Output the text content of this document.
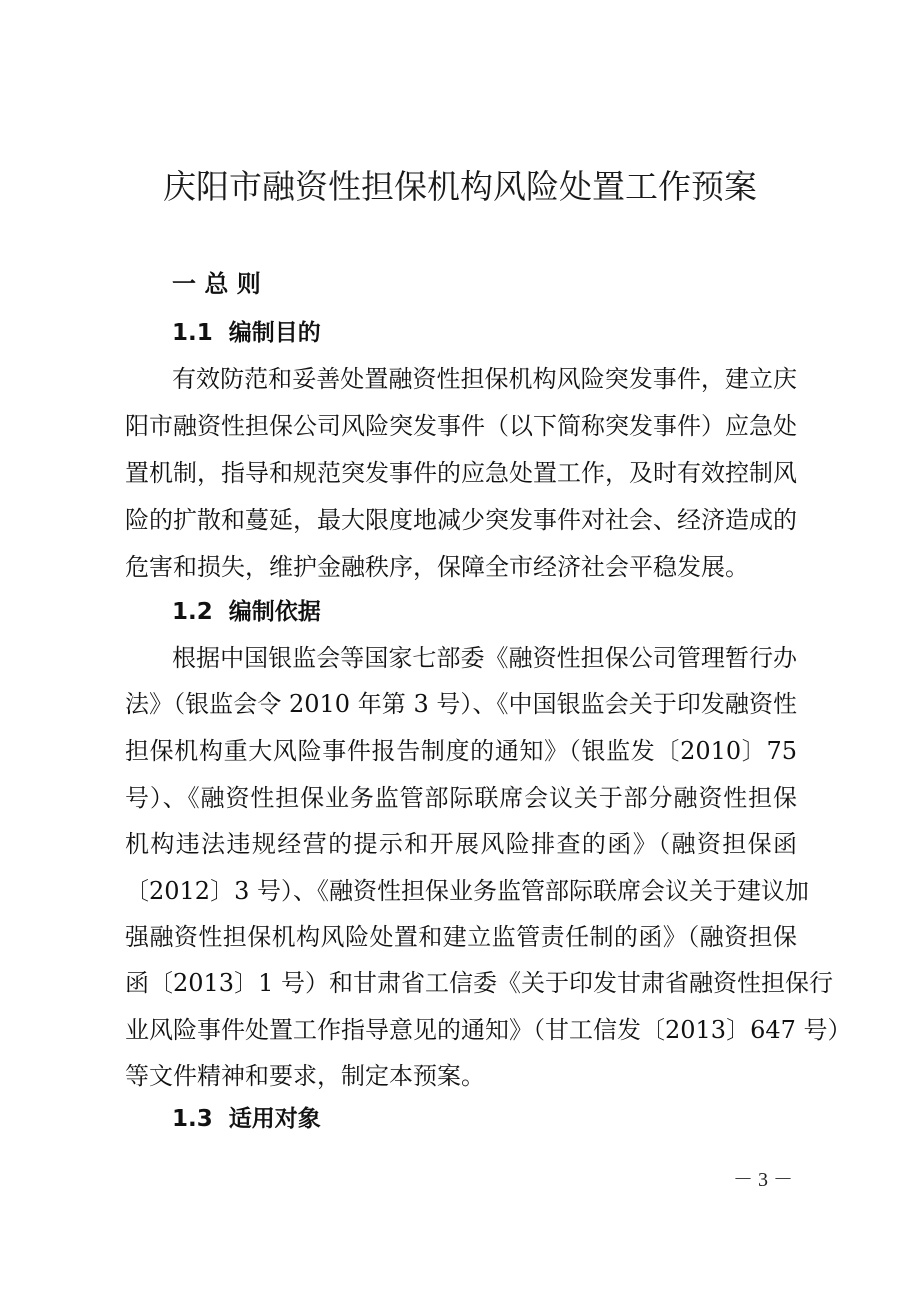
庆阳市融资性担保机构风险处置工作预案
一 总 则
1.1  编制目的
有效防范和妥善处置融资性担保机构风险突发事件，建立庆
阳市融资性担保公司风险突发事件（以下简称突发事件）应急处
置机制，指导和规范突发事件的应急处置工作，及时有效控制风
险的扩散和蔓延，最大限度地减少突发事件对社会、经济造成的
危害和损失，维护金融秩序，保障全市经济社会平稳发展。
1.2  编制依据
根据中国银监会等国家七部委《融资性担保公司管理暂行办
法》（银监会令 2010 年第 3 号）、《中国银监会关于印发融资性
担保机构重大风险事件报告制度的通知》（银监发〔2010〕75
号）、《融资性担保业务监管部际联席会议关于部分融资性担保
机构违法违规经营的提示和开展风险排查的函》（融资担保函
〔2012〕3 号）、《融资性担保业务监管部际联席会议关于建议加
强融资性担保机构风险处置和建立监管责任制的函》（融资担保
函〔2013〕1 号）和甘肃省工信委《关于印发甘肃省融资性担保行
业风险事件处置工作指导意见的通知》（甘工信发〔2013〕647 号）
等文件精神和要求，制定本预案。
1.3  适用对象
－ 3 －
